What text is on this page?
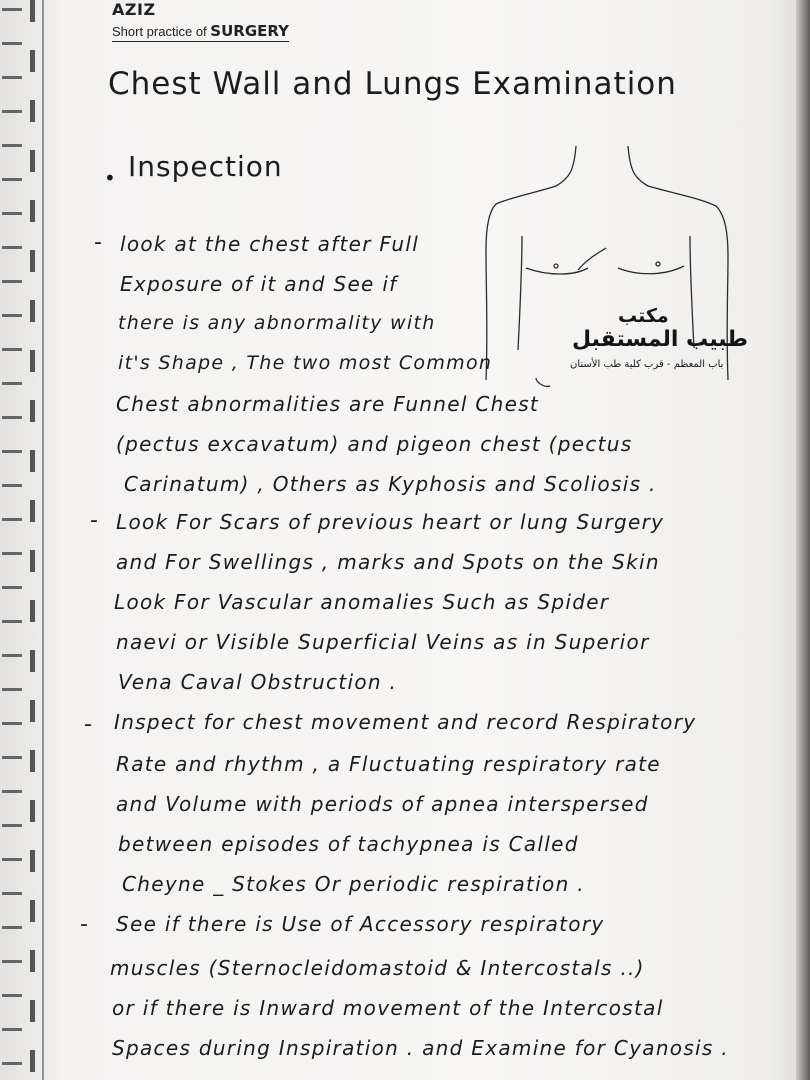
AZIZ
Short practice of SURGERY
Chest Wall and Lungs Examination
• Inspection
مكتب
طبيب المستقبل
باب المعظم - قرب كلية طب الأسنان
- look at the chest after Full
Exposure of it and See if
there is any abnormality with
it's Shape , The two most Common
Chest abnormalities are Funnel Chest
(pectus excavatum) and pigeon chest (pectus
Carinatum) , Others as Kyphosis and Scoliosis .
- Look For Scars of previous heart or lung Surgery
and For Swellings , marks and Spots on the Skin
Look For Vascular anomalies Such as Spider
naevi or Visible Superficial Veins as in Superior
Vena Caval Obstruction .
- Inspect for chest movement and record Respiratory
Rate and rhythm , a Fluctuating respiratory rate
and Volume with periods of apnea interspersed
between episodes of tachypnea is Called
Cheyne _ Stokes Or periodic respiration .
- See if there is Use of Accessory respiratory
muscles (Sternocleidomastoid & Intercostals ..)
or if there is Inward movement of the Intercostal
Spaces during Inspiration . and Examine for Cyanosis .
